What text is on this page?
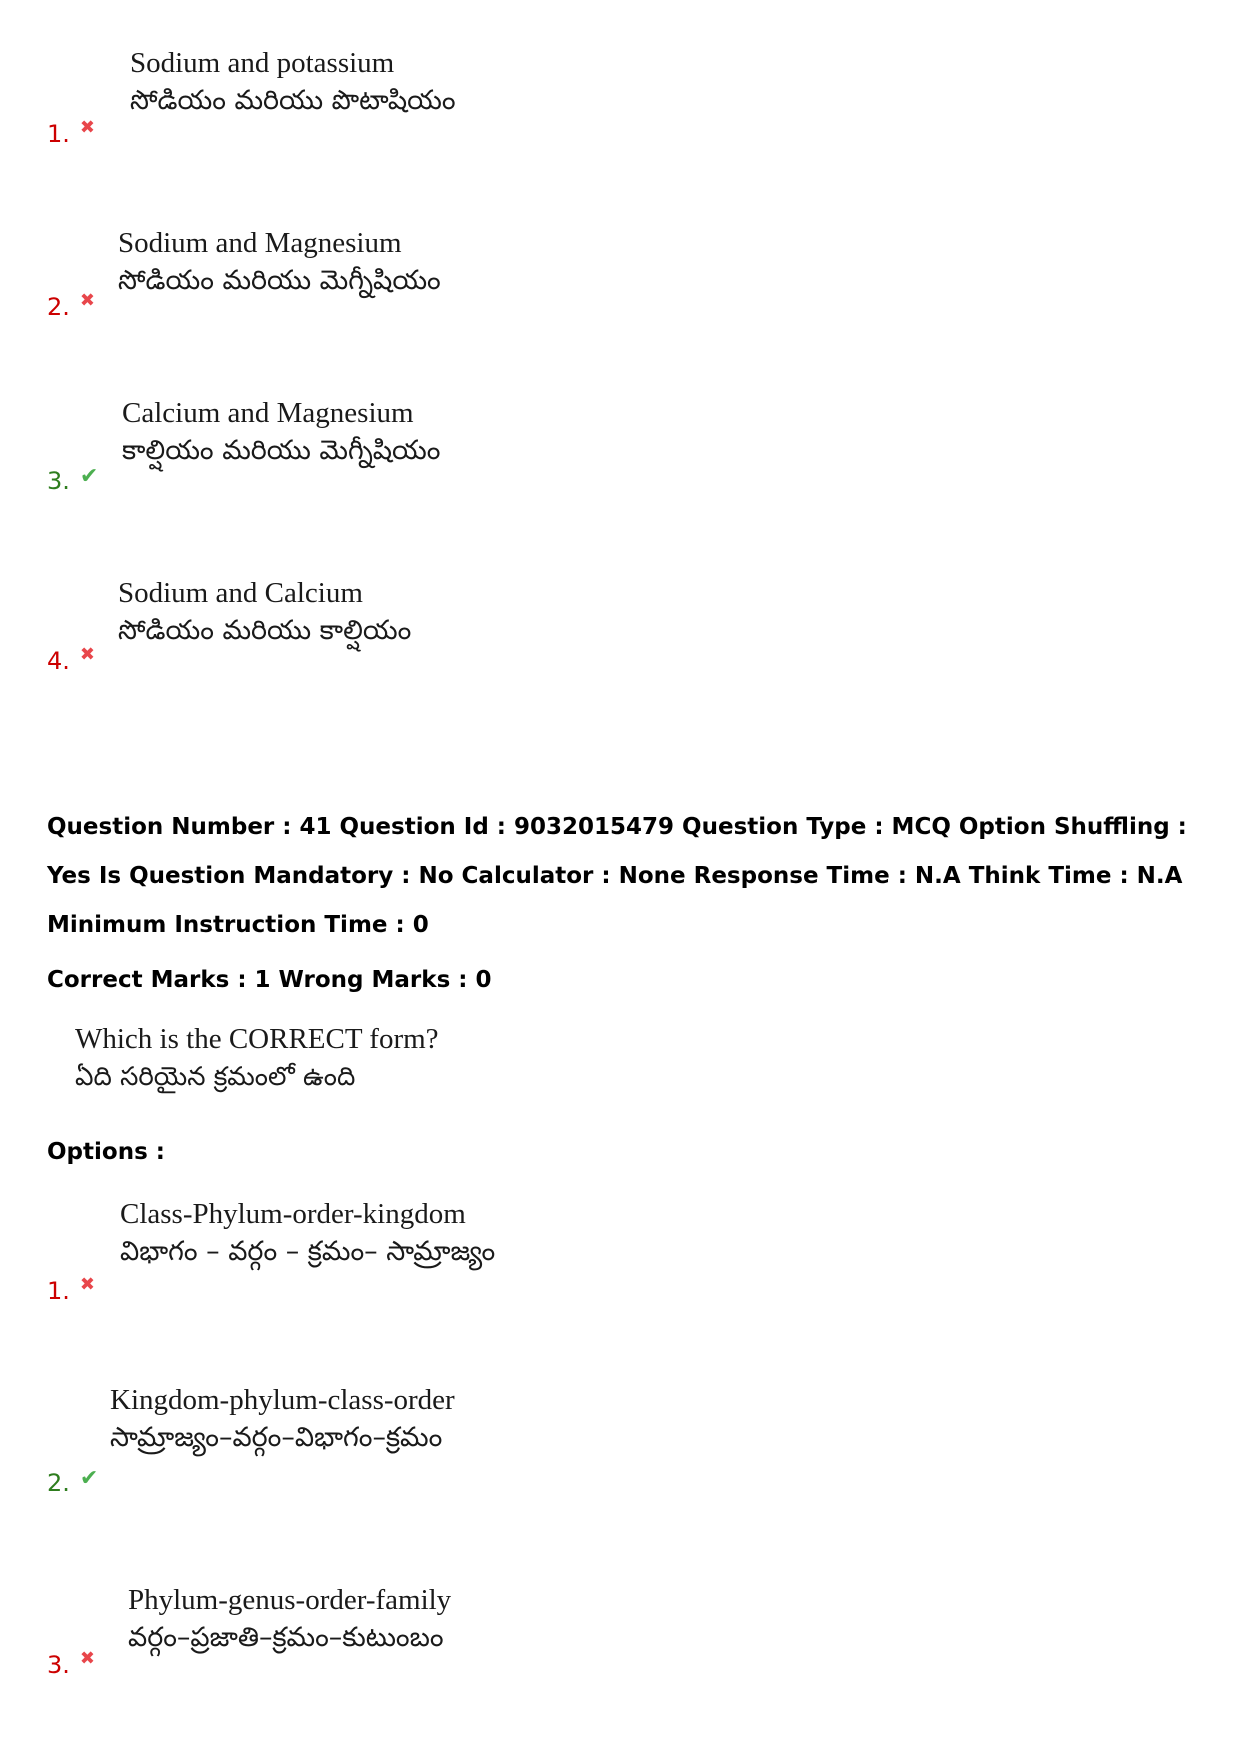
Sodium and potassium
సోడియం మరియు పొటాషియం
1. ✖
Sodium and Magnesium
సోడియం మరియు మెగ్నీషియం
2. ✖
Calcium and Magnesium
కాల్షియం మరియు మెగ్నీషియం
3. ✔
Sodium and Calcium
సోడియం మరియు కాల్షియం
4. ✖
Question Number : 41 Question Id : 9032015479 Question Type : MCQ Option Shuffling : Yes Is Question Mandatory : No Calculator : None Response Time : N.A Think Time : N.A Minimum Instruction Time : 0
Correct Marks : 1 Wrong Marks : 0
Which is the CORRECT form?
ఏది సరియైన క్రమంలో ఉంది
Options :
Class-Phylum-order-kingdom
విభాగం – వర్గం – క్రమం– సామ్రాజ్యం
1. ✖
Kingdom-phylum-class-order
సామ్రాజ్యం–వర్గం–విభాగం–క్రమం
2. ✔
Phylum-genus-order-family
వర్గం–ప్రజాతి–క్రమం–కుటుంబం
3. ✖
